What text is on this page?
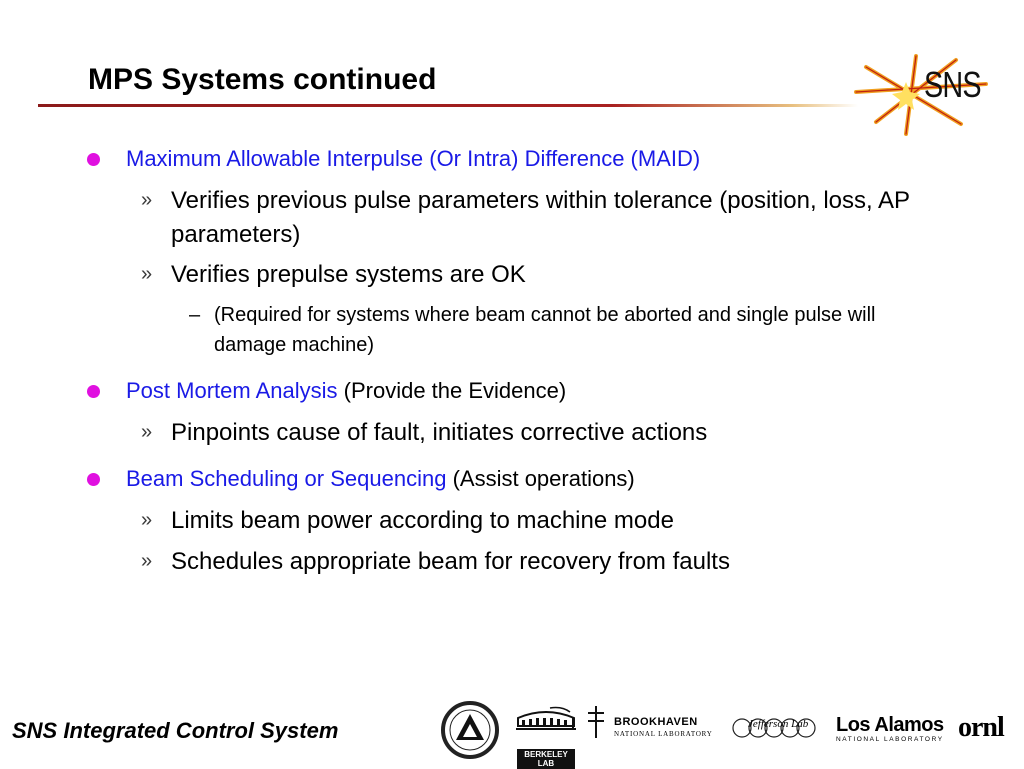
MPS Systems continued	SNS
Maximum Allowable Interpulse (Or Intra) Difference (MAID)
» Verifies previous pulse parameters within tolerance (position, loss, AP parameters)
» Verifies prepulse systems are OK
– (Required for systems where beam cannot be aborted and single pulse will damage machine)
Post Mortem Analysis (Provide the Evidence)
» Pinpoints cause of fault, initiates corrective actions
Beam Scheduling or Sequencing (Assist operations)
» Limits beam power according to machine mode
» Schedules appropriate beam for recovery from faults
SNS Integrated Control System
BERKELEY LAB
BROOKHAVEN
NATIONAL LABORATORY
Jefferson Lab Los Alamos
NATIONAL LABORATORY ornl
